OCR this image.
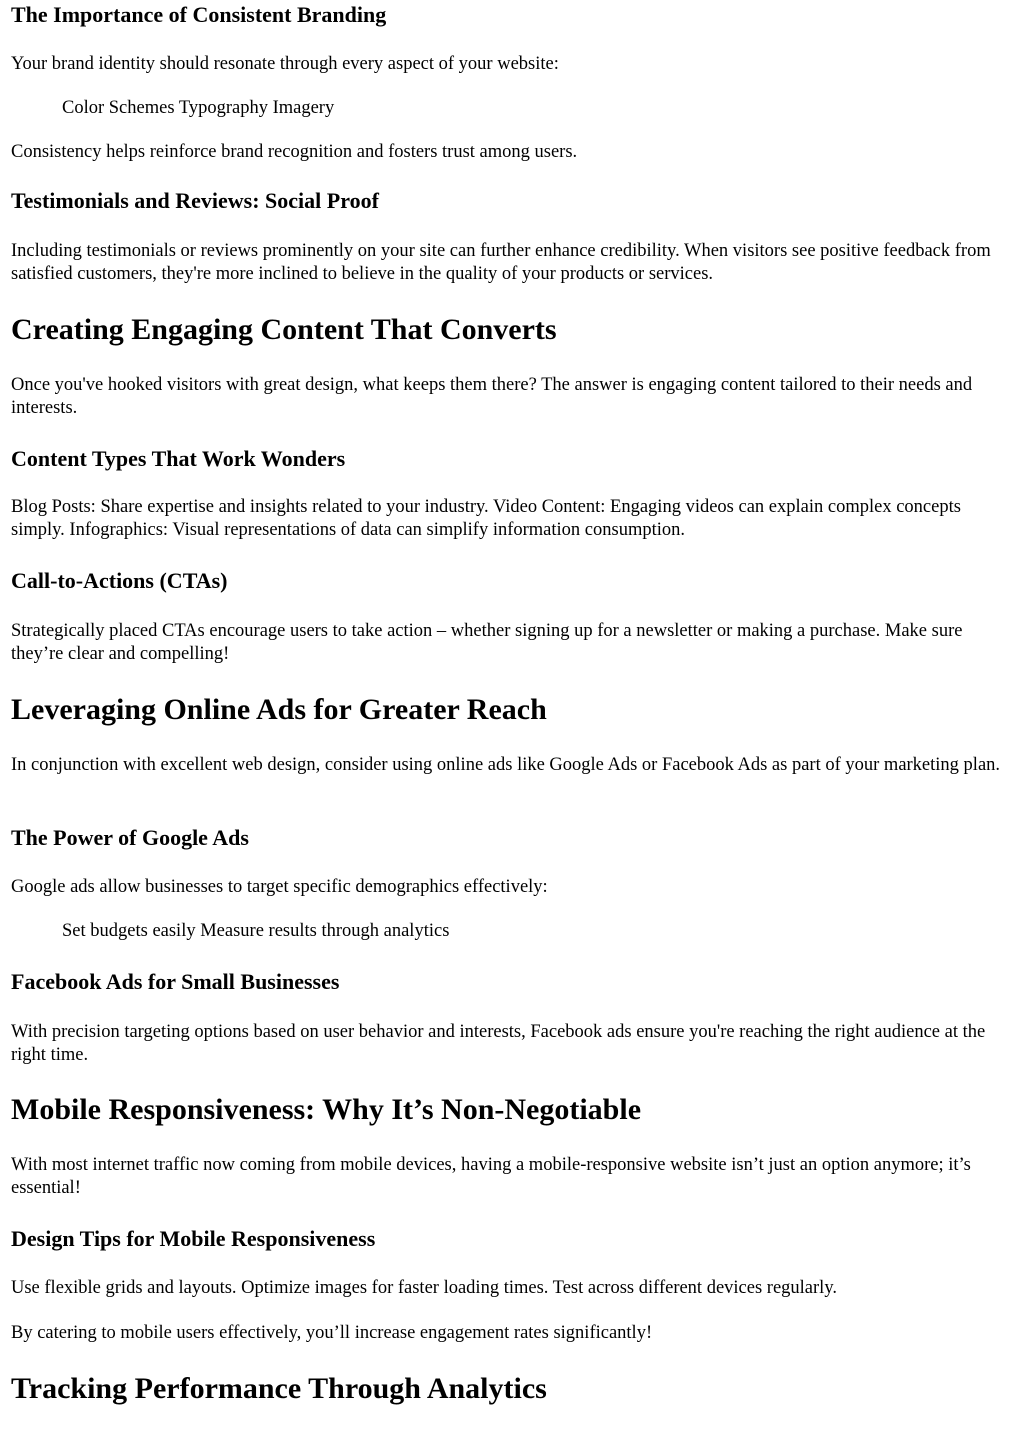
The Importance of Consistent Branding

Your brand identity should resonate through every aspect of your website:

Color Schemes Typography Imagery

Consistency helps reinforce brand recognition and fosters trust among users.

Testimonials and Reviews: Social Proof

Including testimonials or reviews prominently on your site can further enhance credibility. When visitors see positive feedback from satisfied customers, they're more inclined to believe in the quality of your products or services.

Creating Engaging Content That Converts

Once you've hooked visitors with great design, what keeps them there? The answer is engaging content tailored to their needs and interests.

Content Types That Work Wonders

Blog Posts: Share expertise and insights related to your industry. Video Content: Engaging videos can explain complex concepts simply. Infographics: Visual representations of data can simplify information consumption.

Call-to-Actions (CTAs)

Strategically placed CTAs encourage users to take action – whether signing up for a newsletter or making a purchase. Make sure they’re clear and compelling!

Leveraging Online Ads for Greater Reach

In conjunction with excellent web design, consider using online ads like Google Ads or Facebook Ads as part of your marketing plan.

The Power of Google Ads

Google ads allow businesses to target specific demographics effectively:

Set budgets easily Measure results through analytics

Facebook Ads for Small Businesses

With precision targeting options based on user behavior and interests, Facebook ads ensure you're reaching the right audience at the right time.

Mobile Responsiveness: Why It’s Non-Negotiable

With most internet traffic now coming from mobile devices, having a mobile-responsive website isn’t just an option anymore; it’s essential!

Design Tips for Mobile Responsiveness

Use flexible grids and layouts. Optimize images for faster loading times. Test across different devices regularly.

By catering to mobile users effectively, you’ll increase engagement rates significantly!

Tracking Performance Through Analytics
